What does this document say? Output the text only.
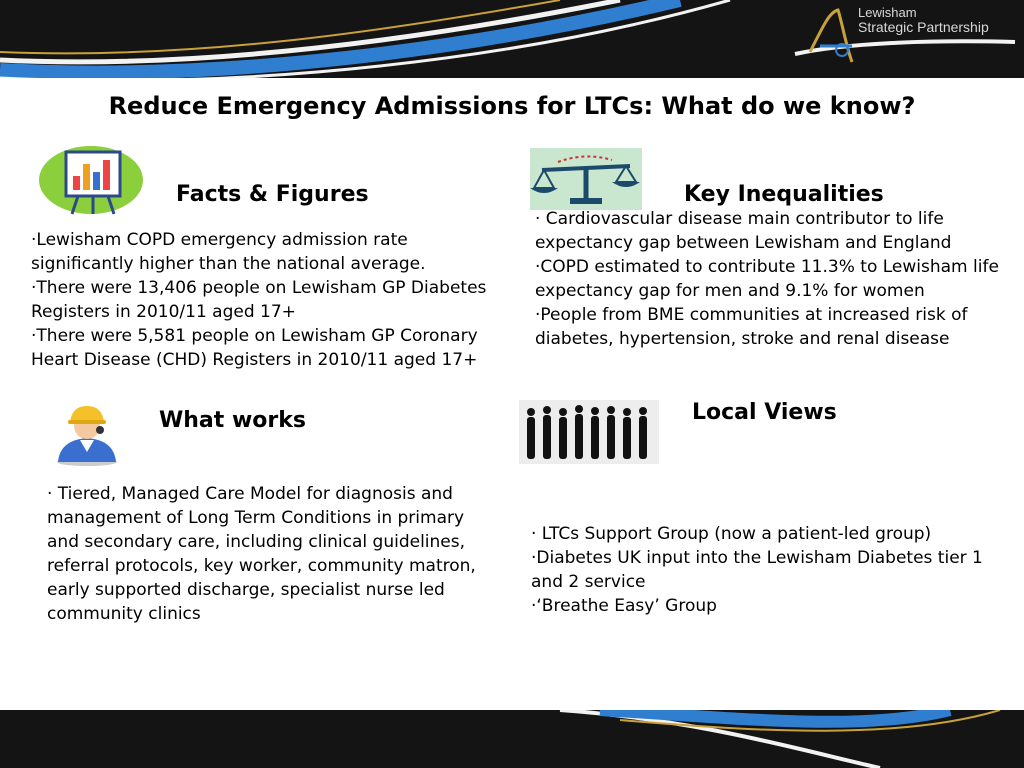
Lewisham
Strategic Partnership
Reduce Emergency Admissions for LTCs: What do we know?
Facts & Figures

·Lewisham COPD emergency admission rate significantly higher than the national average.

·There were 13,406 people on Lewisham GP Diabetes Registers in 2010/11 aged 17+

·There were 5,581 people on Lewisham GP Coronary Heart Disease (CHD) Registers in 2010/11 aged 17+

Key Inequalities

· Cardiovascular disease main contributor to life expectancy gap between Lewisham and England

·COPD estimated to contribute 11.3% to Lewisham life expectancy gap for men and 9.1% for women

·People from BME communities at increased risk of diabetes, hypertension, stroke and renal disease

What works

· Tiered, Managed Care Model for diagnosis and management of Long Term Conditions in primary and secondary care, including clinical guidelines, referral protocols, key worker, community matron, early supported discharge, specialist nurse led community clinics

Local Views

· LTCs Support Group (now a patient-led group)

·Diabetes UK input into the Lewisham Diabetes tier 1 and 2 service

·‘Breathe Easy’ Group
